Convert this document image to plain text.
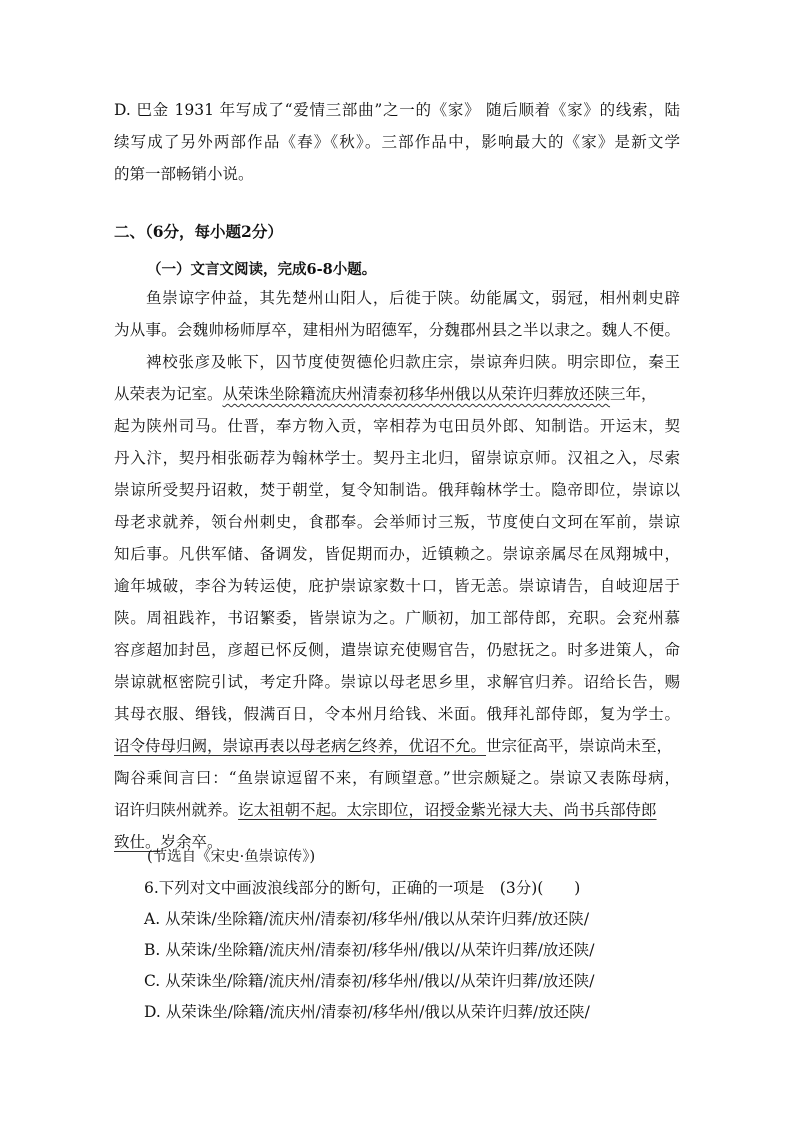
D. 巴金 1931 年写成了“爱情三部曲”之一的《家》 随后顺着《家》的线索，陆
续写成了另外两部作品《春》《秋》。三部作品中，影响最大的《家》是新文学
的第一部畅销小说。
二、（6分，每小题2分）
（一）文言文阅读，完成6-8小题。
鱼崇谅字仲益，其先楚州山阳人，后徙于陕。幼能属文，弱冠，相州刺史辟
为从事。会魏帅杨师厚卒，建相州为昭德军，分魏郡州县之半以隶之。魏人不便。
裨校张彦及帐下，囚节度使贺德伦归款庄宗，崇谅奔归陕。明宗即位，秦王
从荣表为记室。从荣诛坐除籍流庆州清泰初移华州俄以从荣许归葬放还陕三年，
起为陕州司马。仕晋，奉方物入贡，宰相荐为屯田员外郎、知制诰。开运末，契
丹入汴，契丹相张砺荐为翰林学士。契丹主北归，留崇谅京师。汉祖之入，尽索
崇谅所受契丹诏敕，焚于朝堂，复令知制诰。俄拜翰林学士。隐帝即位，崇谅以
母老求就养，领台州刺史，食郡奉。会举师讨三叛，节度使白文珂在军前，崇谅
知后事。凡供军储、备调发，皆促期而办，近镇赖之。崇谅亲属尽在凤翔城中，
逾年城破，李谷为转运使，庇护崇谅家数十口，皆无恙。崇谅请告，自岐迎居于
陕。周祖践祚，书诏繁委，皆崇谅为之。广顺初，加工部侍郎，充职。会兖州慕
容彦超加封邑，彦超已怀反侧，遣崇谅充使赐官告，仍慰抚之。时多进策人，命
崇谅就枢密院引试，考定升降。崇谅以母老思乡里，求解官归养。诏给长告，赐
其母衣服、缗钱，假满百日，令本州月给钱、米面。俄拜礼部侍郎，复为学士。
诏令侍母归阙，崇谅再表以母老病乞终养，优诏不允。世宗征高平，崇谅尚未至，
陶谷乘间言曰：“鱼崇谅逗留不来，有顾望意。”世宗颇疑之。崇谅又表陈母病，
诏许归陕州就养。讫太祖朝不起。太宗即位，诏授金紫光禄大夫、尚书兵部侍郎
致仕。岁余卒。
(节选自《宋史·鱼崇谅传》)
6.下列对文中画波浪线部分的断句，正确的一项是　(3分)(　　)
A. 从荣诛/坐除籍/流庆州/清泰初/移华州/俄以从荣许归葬/放还陕/
B. 从荣诛/坐除籍/流庆州/清泰初/移华州/俄以/从荣许归葬/放还陕/
C. 从荣诛坐/除籍/流庆州/清泰初/移华州/俄以/从荣许归葬/放还陕/
D. 从荣诛坐/除籍/流庆州/清泰初/移华州/俄以从荣许归葬/放还陕/
